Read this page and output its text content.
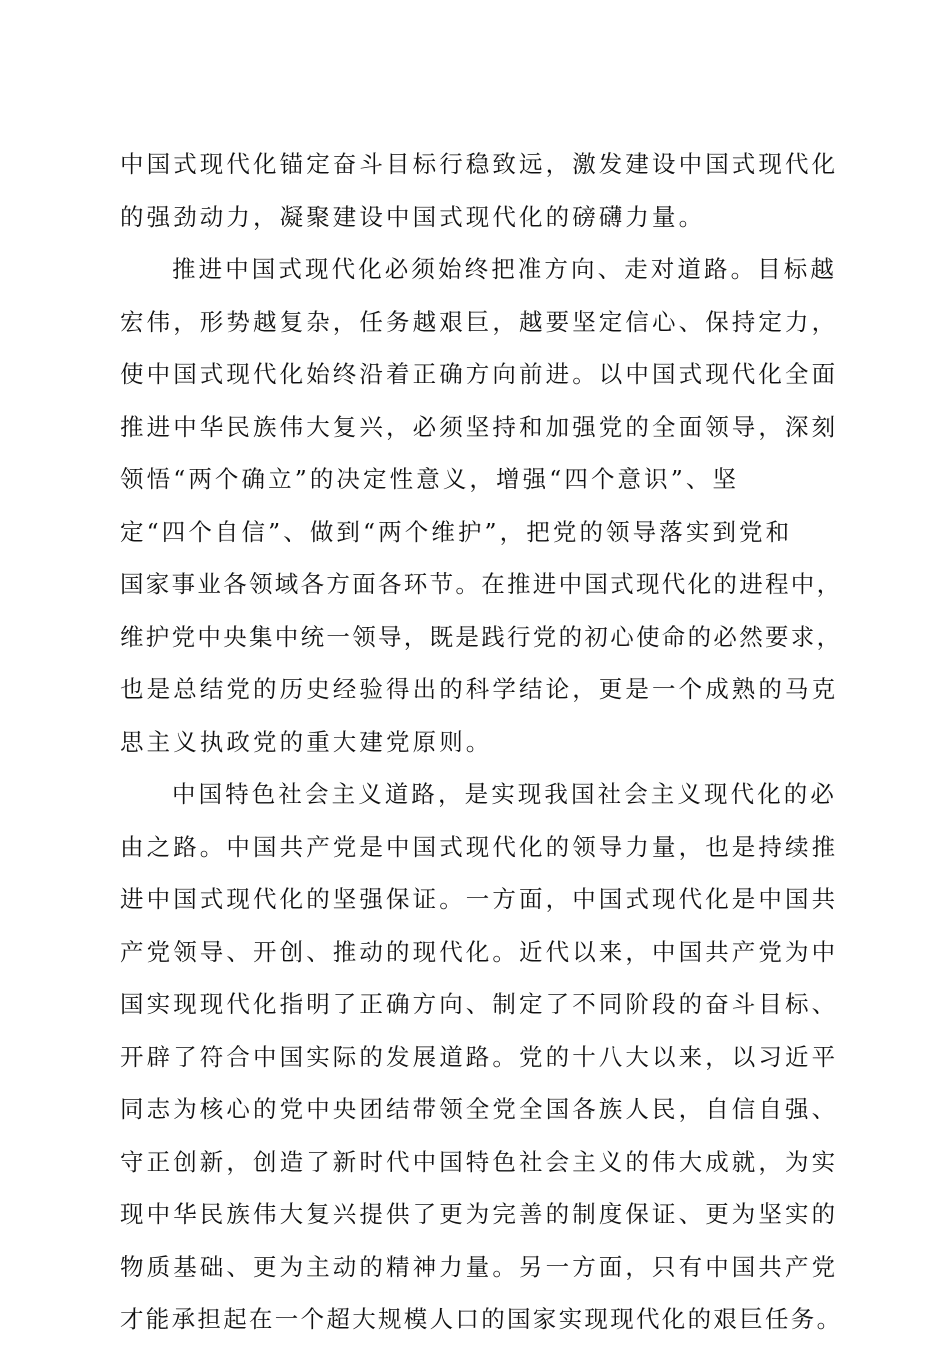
中国式现代化锚定奋斗目标行稳致远，激发建设中国式现代化
的强劲动力，凝聚建设中国式现代化的磅礴力量。
推进中国式现代化必须始终把准方向、走对道路。目标越
宏伟，形势越复杂，任务越艰巨，越要坚定信心、保持定力，
使中国式现代化始终沿着正确方向前进。以中国式现代化全面
推进中华民族伟大复兴，必须坚持和加强党的全面领导，深刻
领悟“两个确立”的决定性意义，增强“四个意识”、坚
定“四个自信”、做到“两个维护”，把党的领导落实到党和
国家事业各领域各方面各环节。在推进中国式现代化的进程中，
维护党中央集中统一领导，既是践行党的初心使命的必然要求，
也是总结党的历史经验得出的科学结论，更是一个成熟的马克
思主义执政党的重大建党原则。
中国特色社会主义道路，是实现我国社会主义现代化的必
由之路。中国共产党是中国式现代化的领导力量，也是持续推
进中国式现代化的坚强保证。一方面，中国式现代化是中国共
产党领导、开创、推动的现代化。近代以来，中国共产党为中
国实现现代化指明了正确方向、制定了不同阶段的奋斗目标、
开辟了符合中国实际的发展道路。党的十八大以来，以习近平
同志为核心的党中央团结带领全党全国各族人民，自信自强、
守正创新，创造了新时代中国特色社会主义的伟大成就，为实
现中华民族伟大复兴提供了更为完善的制度保证、更为坚实的
物质基础、更为主动的精神力量。另一方面，只有中国共产党
才能承担起在一个超大规模人口的国家实现现代化的艰巨任务。
